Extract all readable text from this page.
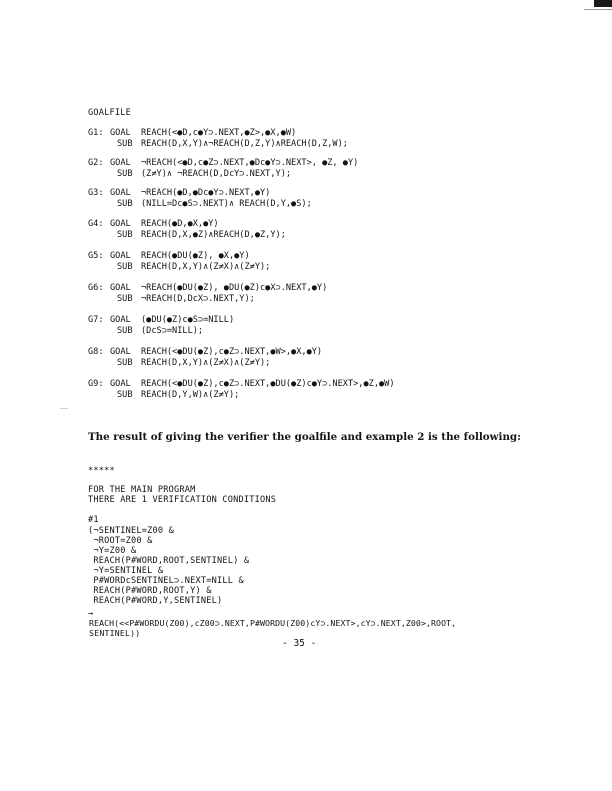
GOALFILE
G1: GOAL REACH(<●D,c●Y⊃.NEXT,●Z>,●X,●W)
SUB REACH(D,X,Y)∧¬REACH(D,Z,Y)∧REACH(D,Z,W);
G2: GOAL ¬REACH(<●D,c●Z⊃.NEXT,●Dc●Y⊃.NEXT>, ●Z, ●Y)
SUB (Z≠Y)∧ ¬REACH(D,DcY⊃.NEXT,Y);
G3: GOAL ¬REACH(●D,●Dc●Y⊃.NEXT,●Y)
SUB (NILL=Dc●S⊃.NEXT)∧ REACH(D,Y,●S);
G4: GOAL REACH(●D,●X,●Y)
SUB REACH(D,X,●Z)∧REACH(D,●Z,Y);
G5: GOAL REACH(●DU(●Z), ●X,●Y)
SUB REACH(D,X,Y)∧(Z≠X)∧(Z≠Y);
G6: GOAL ¬REACH(●DU(●Z), ●DU(●Z)c●X⊃.NEXT,●Y)
SUB ¬REACH(D,DcX⊃.NEXT,Y);
G7: GOAL (●DU(●Z)c●S⊃=NILL)
SUB (DcS⊃=NILL);
G8: GOAL REACH(<●DU(●Z),c●Z⊃.NEXT,●W>,●X,●Y)
SUB REACH(D,X,Y)∧(Z≠X)∧(Z≠Y);
G9: GOAL REACH(<●DU(●Z),c●Z⊃.NEXT,●DU(●Z)c●Y⊃.NEXT>,●Z,●W)
SUB REACH(D,Y,W)∧(Z≠Y);
The result of giving the verifier the goalfile and example 2 is the following:
*****
FOR THE MAIN PROGRAM
THERE ARE 1 VERIFICATION CONDITIONS
#1
(¬SENTINEL=Z00 &
¬ROOT=Z00 &
¬Y=Z00 &
REACH(P#WORD,ROOT,SENTINEL) &
¬Y=SENTINEL &
P#WORDcSENTINEL⊃.NEXT=NILL &
REACH(P#WORD,ROOT,Y) &
REACH(P#WORD,Y,SENTINEL)
→
REACH(<<P#WORDU(Z00),cZ00⊃.NEXT,P#WORDU(Z00)cY⊃.NEXT>,cY⊃.NEXT,Z00>,ROOT,
SENTINEL))
- 35 -
